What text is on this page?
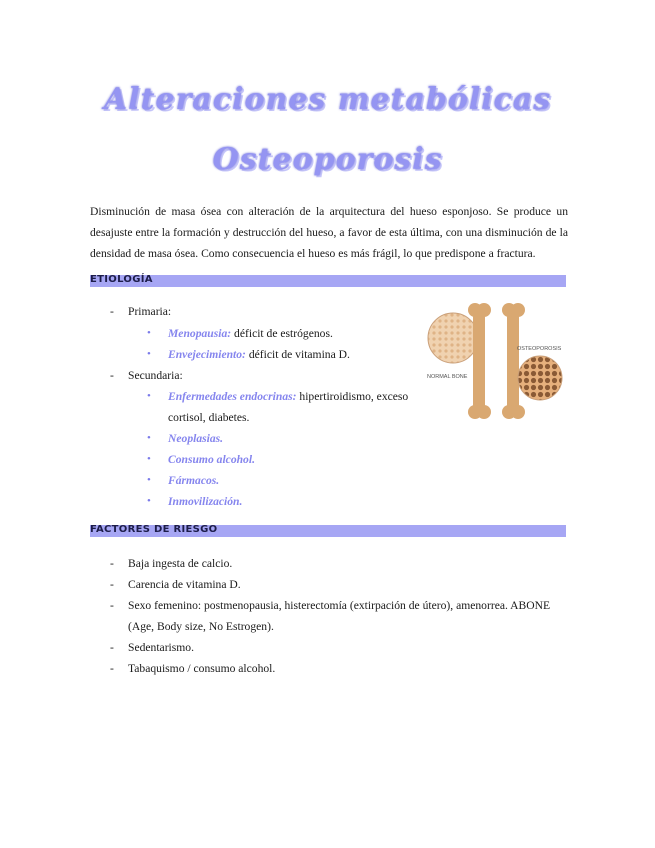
Alteraciones metabólicas
Osteoporosis

Disminución de masa ósea con alteración de la arquitectura del hueso esponjoso. Se produce un desajuste entre la formación y destrucción del hueso, a favor de esta última, con una disminución de la densidad de masa ósea. Como consecuencia el hueso es más frágil, lo que predispone a fractura.

ETIOLOGÍA
- Primaria:
• Menopausia: déficit de estrógenos.
• Envejecimiento: déficit de vitamina D.
- Secundaria:
• Enfermedades endocrinas: hipertiroidismo, exceso
cortisol, diabetes.
• Neoplasias.
• Consumo alcohol.
• Fármacos.
• Inmovilización.
NORMAL BONE
OSTEOPOROSIS
FACTORES DE RIESGO
- Baja ingesta de calcio.
- Carencia de vitamina D.
- Sexo femenino: postmenopausia, histerectomía (extirpación de útero), amenorrea. ABONE
(Age, Body size, No Estrogen).
- Sedentarismo.
- Tabaquismo / consumo alcohol.
